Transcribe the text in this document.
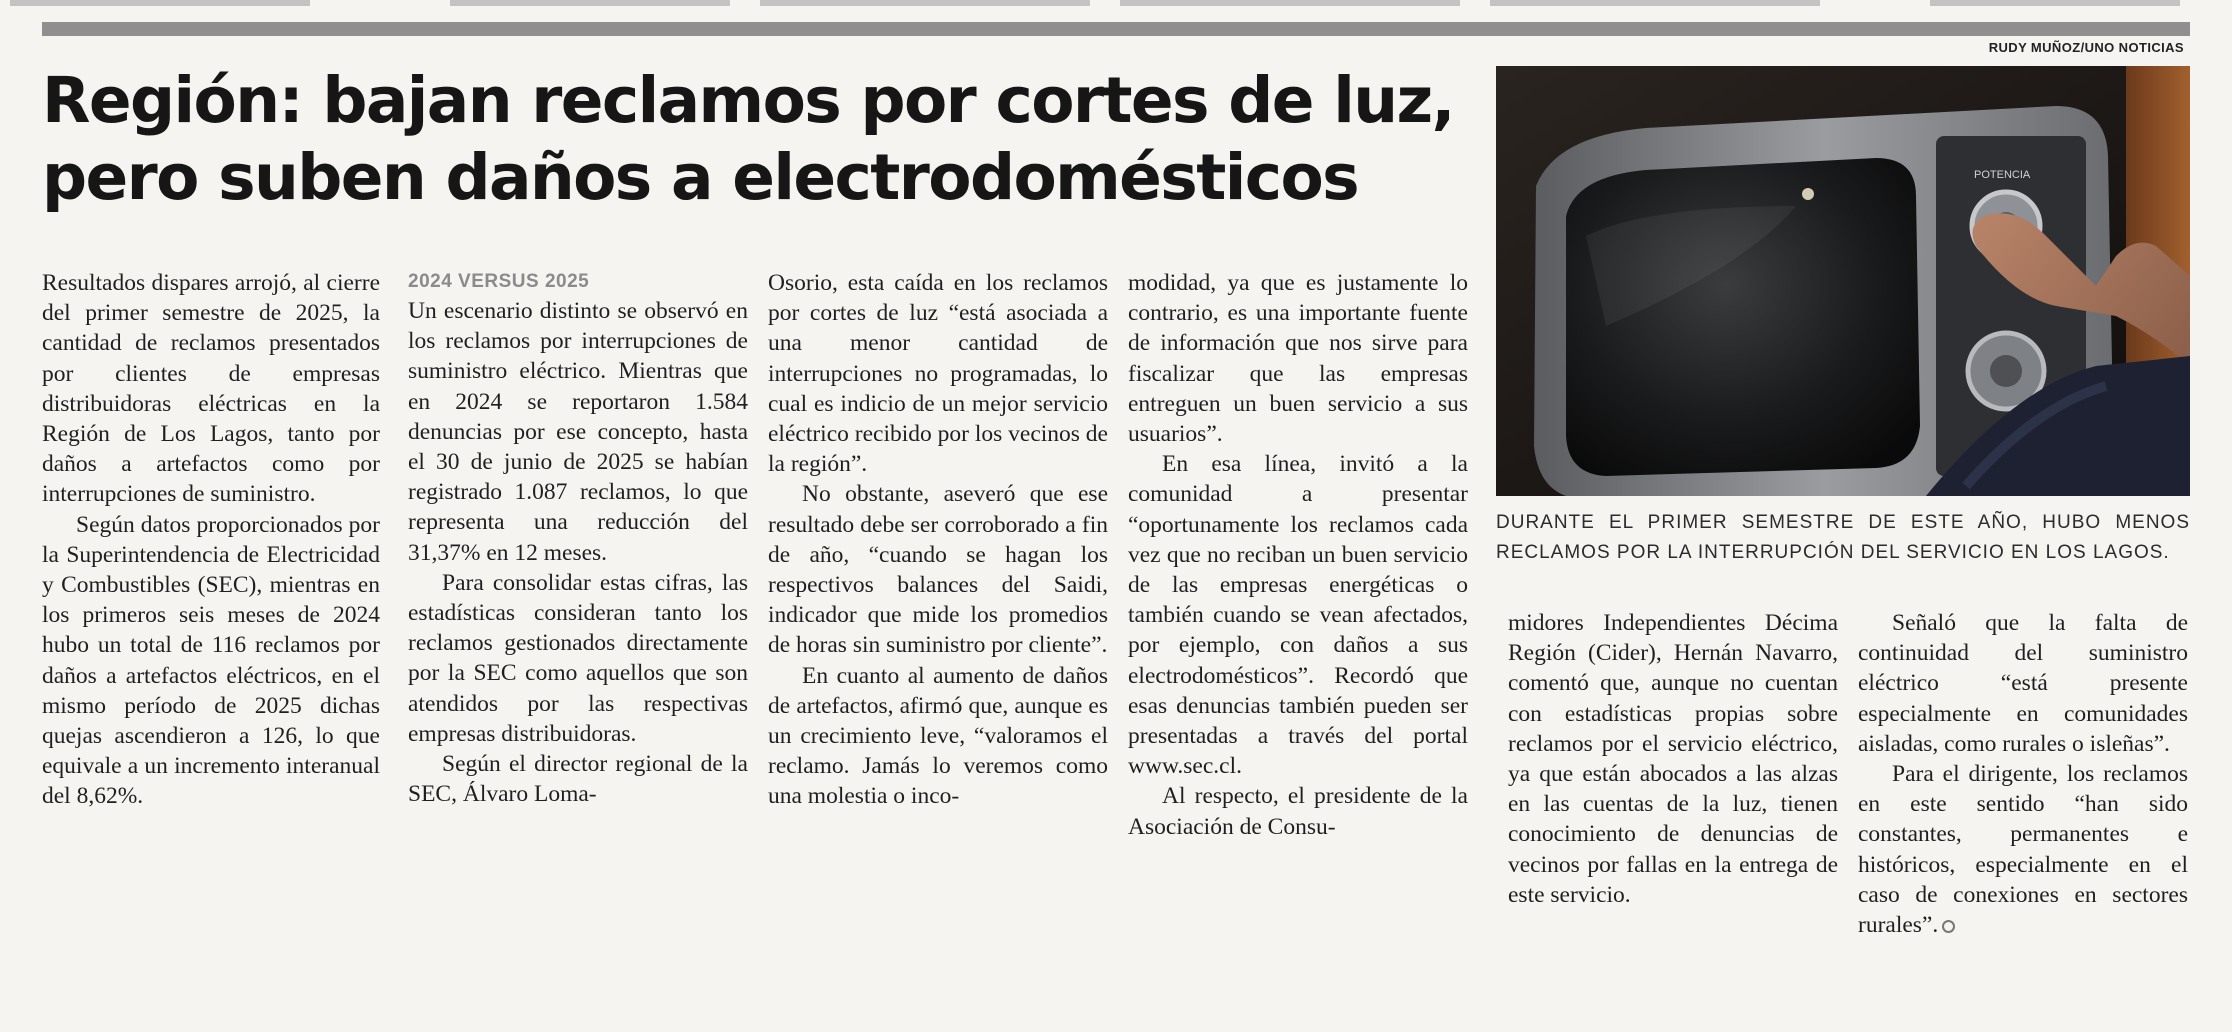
RUDY MUÑOZ/UNO NOTICIAS
Región: bajan reclamos por cortes de luz, pero suben daños a electrodomésticos	POTENCIA

DURANTE EL PRIMER SEMESTRE DE ESTE AÑO, HUBO MENOS RECLAMOS POR LA INTERRUPCIÓN DEL SERVICIO EN LOS LAGOS.

Resultados dispares arrojó, al cierre del primer semestre de 2025, la cantidad de reclamos presentados por clientes de empresas distribuidoras eléctricas en la Región de Los Lagos, tanto por daños a artefactos como por interrupciones de suministro.

Según datos proporcionados por la Superintendencia de Electricidad y Combustibles (SEC), mientras en los primeros seis meses de 2024 hubo un total de 116 reclamos por daños a artefactos eléctricos, en el mismo período de 2025 dichas quejas ascendieron a 126, lo que equivale a un incremento interanual del 8,62%.

2024 VERSUS 2025

Un escenario distinto se observó en los reclamos por interrupciones de suministro eléctrico. Mientras que en 2024 se reportaron 1.584 denuncias por ese concepto, hasta el 30 de junio de 2025 se habían registrado 1.087 reclamos, lo que representa una reducción del 31,37% en 12 meses.

Para consolidar estas cifras, las estadísticas consideran tanto los reclamos gestionados directamente por la SEC como aquellos que son atendidos por las respectivas empresas distribuidoras.

Según el director regional de la SEC, Álvaro Loma-

Osorio, esta caída en los reclamos por cortes de luz “está asociada a una menor cantidad de interrupciones no programadas, lo cual es indicio de un mejor servicio eléctrico recibido por los vecinos de la región”.

No obstante, aseveró que ese resultado debe ser corroborado a fin de año, “cuando se hagan los respectivos balances del Saidi, indicador que mide los promedios de horas sin suministro por cliente”.

En cuanto al aumento de daños de artefactos, afirmó que, aunque es un crecimiento leve, “valoramos el reclamo. Jamás lo veremos como una molestia o inco-

modidad, ya que es justamente lo contrario, es una importante fuente de información que nos sirve para fiscalizar que las empresas entreguen un buen servicio a sus usuarios”.

En esa línea, invitó a la comunidad a presentar “oportunamente los reclamos cada vez que no reciban un buen servicio de las empresas energéticas o también cuando se vean afectados, por ejemplo, con daños a sus electrodomésticos”. Recordó que esas denuncias también pueden ser presentadas a través del portal www.sec.cl.

Al respecto, el presidente de la Asociación de Consu-

midores Independientes Décima Región (Cider), Hernán Navarro, comentó que, aunque no cuentan con estadísticas propias sobre reclamos por el servicio eléctrico, ya que están abocados a las alzas en las cuentas de la luz, tienen conocimiento de denuncias de vecinos por fallas en la entrega de este servicio.

Señaló que la falta de continuidad del suministro eléctrico “está presente especialmente en comunidades aisladas, como rurales o isleñas”.

Para el dirigente, los reclamos en este sentido “han sido constantes, permanentes e históricos, especialmente en el caso de conexiones en sectores rurales”.
